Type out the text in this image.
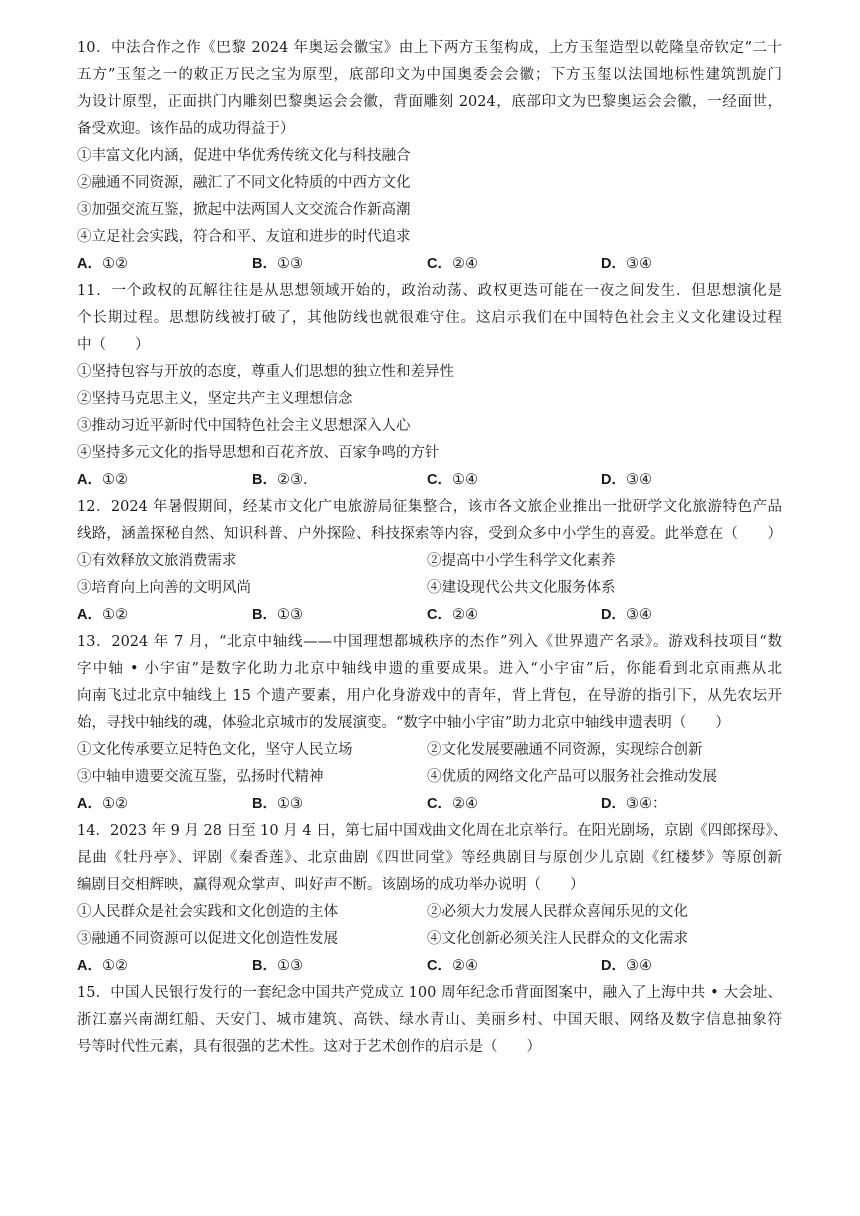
10．中法合作之作《巴黎 2024 年奥运会徽宝》由上下两方玉玺构成，上方玉玺造型以乾隆皇帝钦定“二十
五方”玉玺之一的敕正万民之宝为原型，底部印文为中国奥委会会徽；下方玉玺以法国地标性建筑凯旋门
为设计原型，正面拱门内雕刻巴黎奥运会会徽，背面雕刻 2024，底部印文为巴黎奥运会会徽，一经面世，
备受欢迎。该作品的成功得益于）
①丰富文化内涵，促进中华优秀传统文化与科技融合
②融通不同资源，融汇了不同文化特质的中西方文化
③加强交流互鉴，掀起中法两国人文交流合作新高潮
④立足社会实践，符合和平、友谊和进步的时代追求
A．①②	B．①③	C．②④	D．③④
11．一个政权的瓦解往往是从思想领域开始的，政治动荡、政权更迭可能在一夜之间发生．但思想演化是
个长期过程。思想防线被打破了，其他防线也就很难守住。这启示我们在中国特色社会主义文化建设过程
中（　　）
①坚持包容与开放的态度，尊重人们思想的独立性和差异性
②坚持马克思主义，坚定共产主义理想信念
③推动习近平新时代中国特色社会主义思想深入人心
④坚持多元文化的指导思想和百花齐放、百家争鸣的方针
A．①②	B．②③.	C．①④	D．③④
12．2024 年暑假期间，经某市文化广电旅游局征集整合，该市各文旅企业推出一批研学文化旅游特色产品
线路，涵盖探秘自然、知识科普、户外探险、科技探索等内容，受到众多中小学生的喜爱。此举意在（　　）
①有效释放文旅消费需求	②提高中小学生科学文化素养
③培育向上向善的文明风尚	④建设现代公共文化服务体系
A．①②	B．①③	C．②④	D．③④
13．2024 年 7 月，“北京中轴线——中国理想都城秩序的杰作”列入《世界遗产名录》。游戏科技项目“数
字中轴 • 小宇宙”是数字化助力北京中轴线申遗的重要成果。进入“小宇宙”后，你能看到北京雨燕从北
向南飞过北京中轴线上 15 个遗产要素，用户化身游戏中的青年，背上背包，在导游的指引下，从先农坛开
始，寻找中轴线的魂，体验北京城市的发展演变。“数字中轴小宇宙”助力北京中轴线申遗表明（　　）
①文化传承要立足特色文化，坚守人民立场	②文化发展要融通不同资源，实现综合创新
③中轴申遗要交流互鉴，弘扬时代精神	④优质的网络文化产品可以服务社会推动发展
A．①②	B．①③	C．②④	D．③④：
14．2023 年 9 月 28 日至 10 月 4 日，第七届中国戏曲文化周在北京举行。在阳光剧场，京剧《四郎探母》、
昆曲《牡丹亭》、评剧《秦香莲》、北京曲剧《四世同堂》等经典剧目与原创少儿京剧《红楼梦》等原创新
编剧目交相辉映，赢得观众掌声、叫好声不断。该剧场的成功举办说明（　　）
①人民群众是社会实践和文化创造的主体	②必须大力发展人民群众喜闻乐见的文化
③融通不同资源可以促进文化创造性发展	④文化创新必须关注人民群众的文化需求
A．①②	B．①③	C．②④	D．③④
15．中国人民银行发行的一套纪念中国共产党成立 100 周年纪念币背面图案中，融入了上海中共 • 大会址、
浙江嘉兴南湖红船、天安门、城市建筑、高铁、绿水青山、美丽乡村、中国天眼、网络及数字信息抽象符
号等时代性元素，具有很强的艺术性。这对于艺术创作的启示是（　　）
